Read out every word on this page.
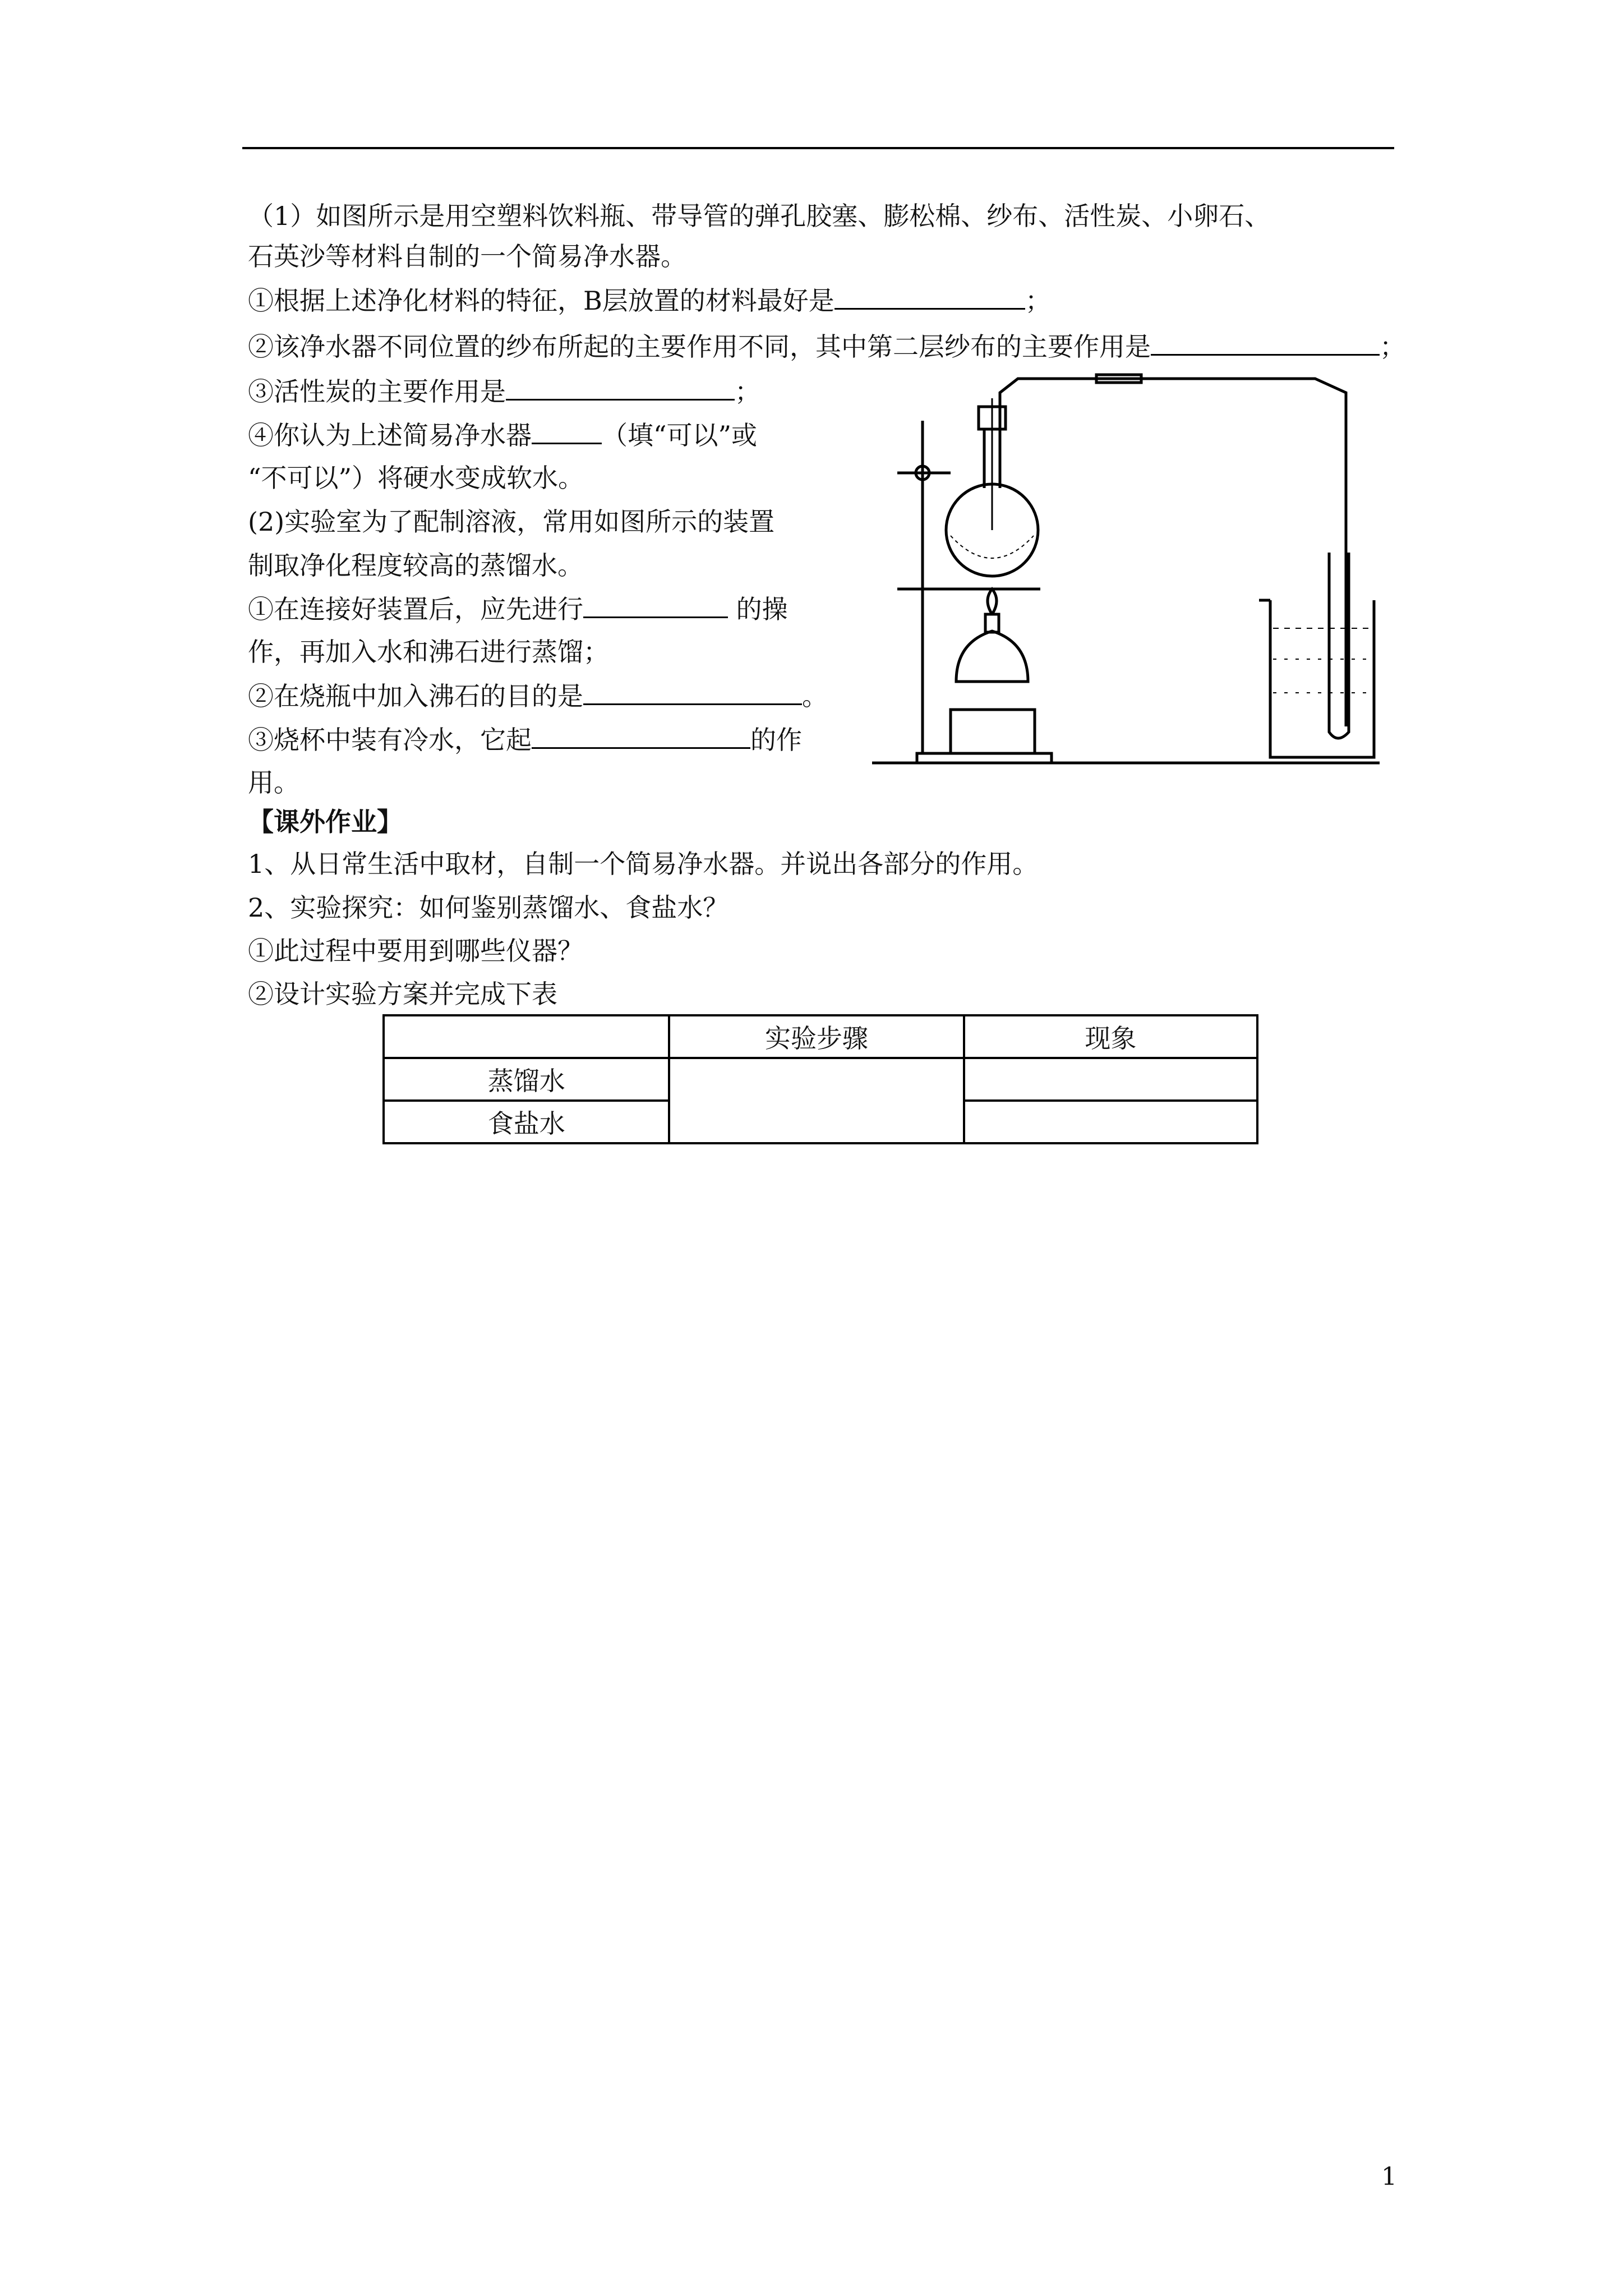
（1）如图所示是用空塑料饮料瓶、带导管的弹孔胶塞、膨松棉、纱布、活性炭、小卵石、
石英沙等材料自制的一个简易净水器。
①根据上述净化材料的特征，B层放置的材料最好是	；
②该净水器不同位置的纱布所起的主要作用不同，其中第二层纱布的主要作用是	；
③活性炭的主要作用是	；
④你认为上述简易净水器	（填“可以”或
“不可以”）将硬水变成软水。
(2)实验室为了配制溶液，常用如图所示的装置
制取净化程度较高的蒸馏水。
①在连接好装置后，应先进行	的操
作，再加入水和沸石进行蒸馏；
②在烧瓶中加入沸石的目的是	。
③烧杯中装有冷水，它起	的作
用。
【课外作业】
1、从日常生活中取材，自制一个简易净水器。并说出各部分的作用。
2、实验探究：如何鉴别蒸馏水、食盐水？
①此过程中要用到哪些仪器？
②设计实验方案并完成下表
	实验步骤	现象
蒸馏水		
食盐水		
1
